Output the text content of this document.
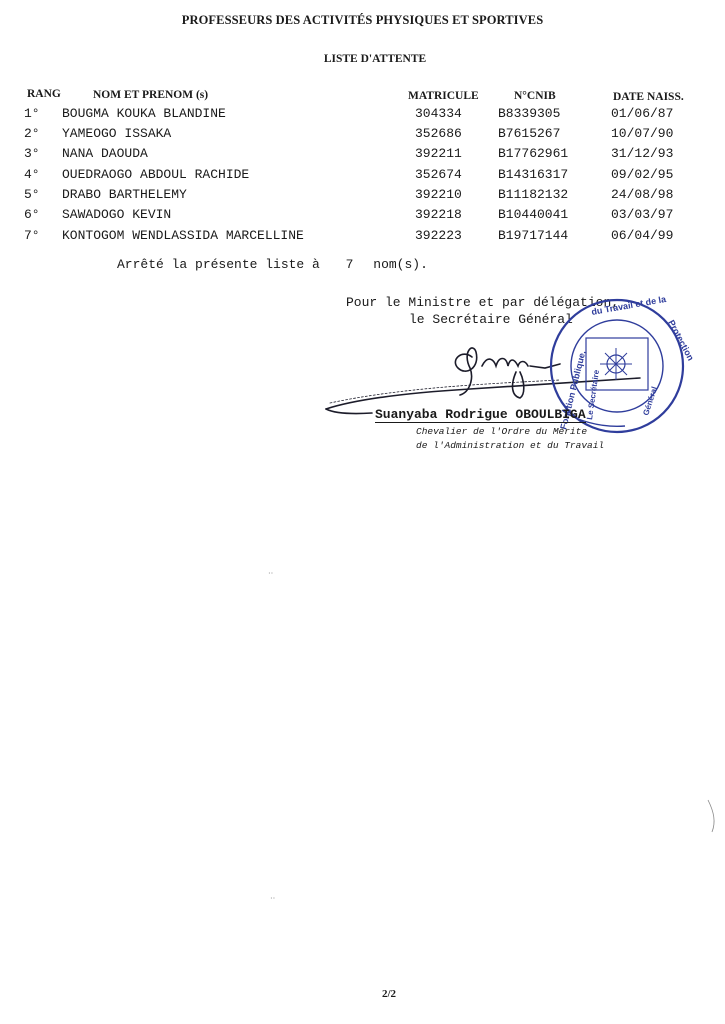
PROFESSEURS DES ACTIVITÉS PHYSIQUES ET SPORTIVES
LISTE D'ATTENTE
RANG	NOM ET PRENOM (s)	MATRICULE	N°CNIB	DATE NAISS.
1° BOUGMA KOUKA BLANDINE	304334	B8339305	01/06/87
2° YAMEOGO ISSAKA	352686	B7615267	10/07/90
3° NANA DAOUDA	392211	B17762961	31/12/93
4° OUEDRAOGO ABDOUL RACHIDE	352674	B14316317	09/02/95
5° DRABO BARTHELEMY	392210	B11182132	24/08/98
6° SAWADOGO KEVIN	392218	B10440041	03/03/97
7° KONTOGOM WENDLASSIDA MARCELLINE	392223	B19717144	06/04/99
Arrêté la présente liste à 7 nom(s).
Pour le Ministre et par délégation,
le Secrétaire Général
Fonction Publique,
du Travail et de la
Protection
Le Secrétaire	Général
Suanyaba Rodrigue OBOULBIGA
Chevalier de l'Ordre du Mérite
de l'Administration et du Travail
··
··
2/2
